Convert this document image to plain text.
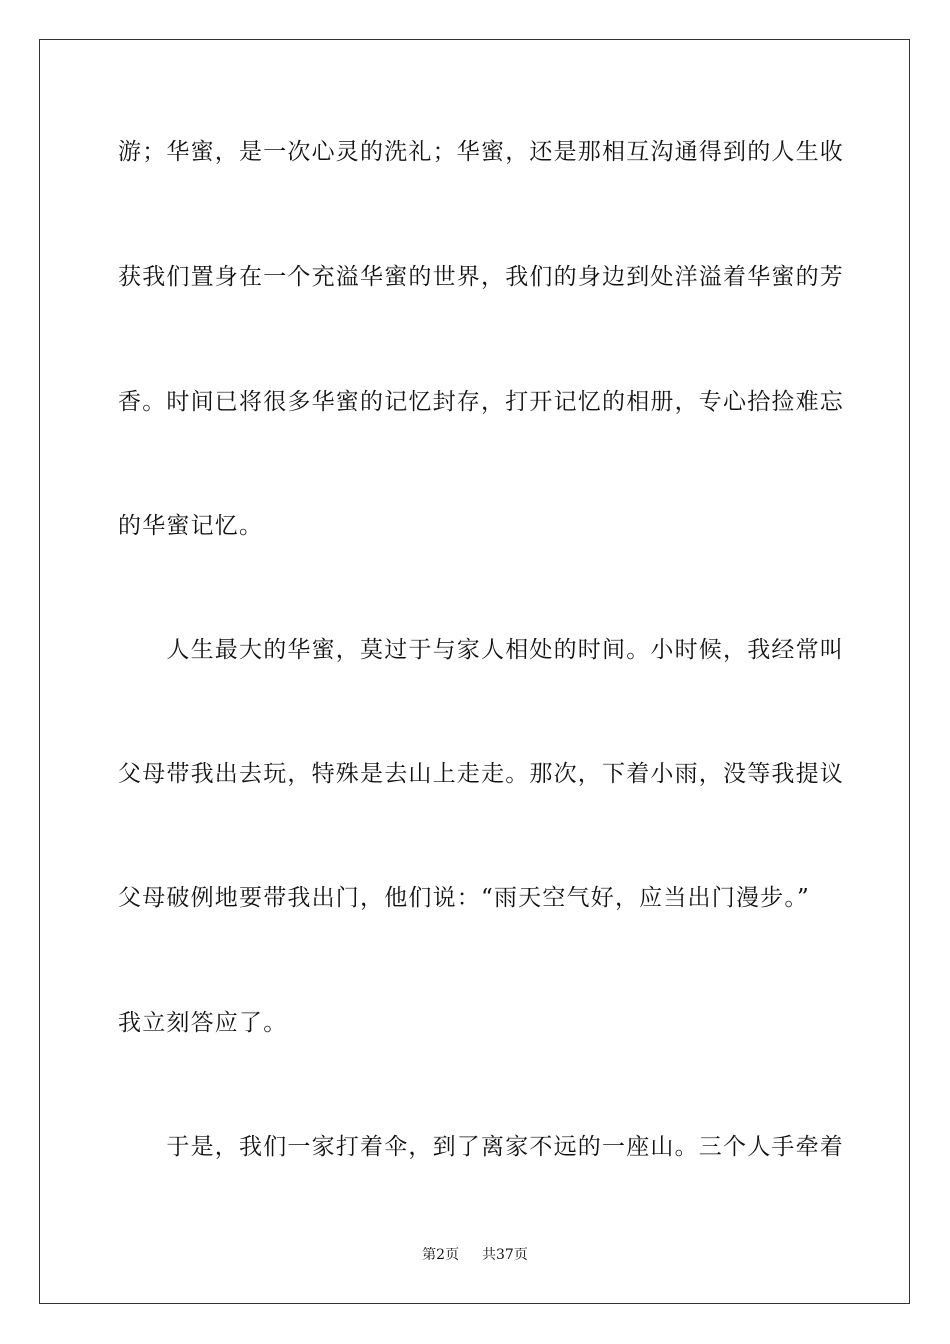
游；华蜜，是一次心灵的洗礼；华蜜，还是那相互沟通得到的人生收
获我们置身在一个充溢华蜜的世界，我们的身边到处洋溢着华蜜的芳
香。时间已将很多华蜜的记忆封存，打开记忆的相册，专心拾捡难忘
的华蜜记忆。
　　人生最大的华蜜，莫过于与家人相处的时间。小时候，我经常叫
父母带我出去玩，特殊是去山上走走。那次，下着小雨，没等我提议
父母破例地要带我出门，他们说：“雨天空气好，应当出门漫步。”
我立刻答应了。
　　于是，我们一家打着伞，到了离家不远的一座山。三个人手牵着
第2页 共37页
